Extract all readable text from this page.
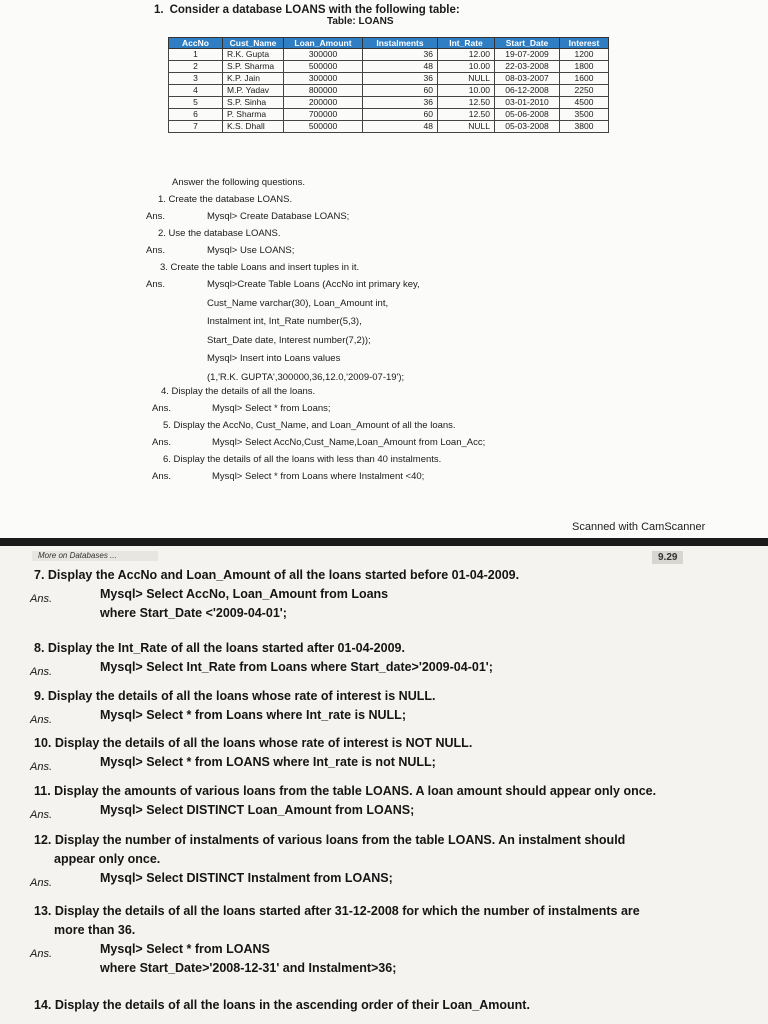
1. Consider a database LOANS with the following table:
Table: LOANS
AccNo	Cust_Name	Loan_Amount	Instalments	Int_Rate	Start_Date	Interest
1	R.K. Gupta	300000	36	12.00	19-07-2009	1200
2	S.P. Sharma	500000	48	10.00	22-03-2008	1800
3	K.P. Jain	300000	36	NULL	08-03-2007	1600
4	M.P. Yadav	800000	60	10.00	06-12-2008	2250
5	S.P. Sinha	200000	36	12.50	03-01-2010	4500
6	P. Sharma	700000	60	12.50	05-06-2008	3500
7	K.S. Dhall	500000	48	NULL	05-03-2008	3800
Answer the following questions.
1. Create the database LOANS.
Ans.	Mysql> Create Database LOANS;
2. Use the database LOANS.
Ans.	Mysql> Use LOANS;
3. Create the table Loans and insert tuples in it.
Ans.	Mysql>Create Table Loans (AccNo int primary key,
Cust_Name varchar(30), Loan_Amount int,
Instalment int, Int_Rate number(5,3),
Start_Date date, Interest number(7,2));
Mysql> Insert into Loans values
(1,'R.K. GUPTA',300000,36,12.0,'2009-07-19');
4. Display the details of all the loans.
Ans.	Mysql> Select * from Loans;
5. Display the AccNo, Cust_Name, and Loan_Amount of all the loans.
Ans.	Mysql> Select AccNo,Cust_Name,Loan_Amount from Loan_Acc;
6. Display the details of all the loans with less than 40 instalments.
Ans.	Mysql> Select * from Loans where Instalment <40;
Scanned with CamScanner
More on Databases ...	9.29
7. Display the AccNo and Loan_Amount of all the loans started before 01-04-2009.
Ans.	Mysql> Select AccNo, Loan_Amount from Loans
where Start_Date <'2009-04-01';
8. Display the Int_Rate of all the loans started after 01-04-2009.
Ans.	Mysql> Select Int_Rate from Loans where Start_date>'2009-04-01';
9. Display the details of all the loans whose rate of interest is NULL.
Ans.	Mysql> Select * from Loans where Int_rate is NULL;
10. Display the details of all the loans whose rate of interest is NOT NULL.
Ans.	Mysql> Select * from LOANS where Int_rate is not NULL;
11. Display the amounts of various loans from the table LOANS. A loan amount should appear only once.
Ans.	Mysql> Select DISTINCT Loan_Amount from LOANS;
12. Display the number of instalments of various loans from the table LOANS. An instalment should
appear only once.
Ans.	Mysql> Select DISTINCT Instalment from LOANS;
13. Display the details of all the loans started after 31-12-2008 for which the number of instalments are
more than 36.
Ans.	Mysql> Select * from LOANS
where Start_Date>'2008-12-31' and Instalment>36;
14. Display the details of all the loans in the ascending order of their Loan_Amount.
